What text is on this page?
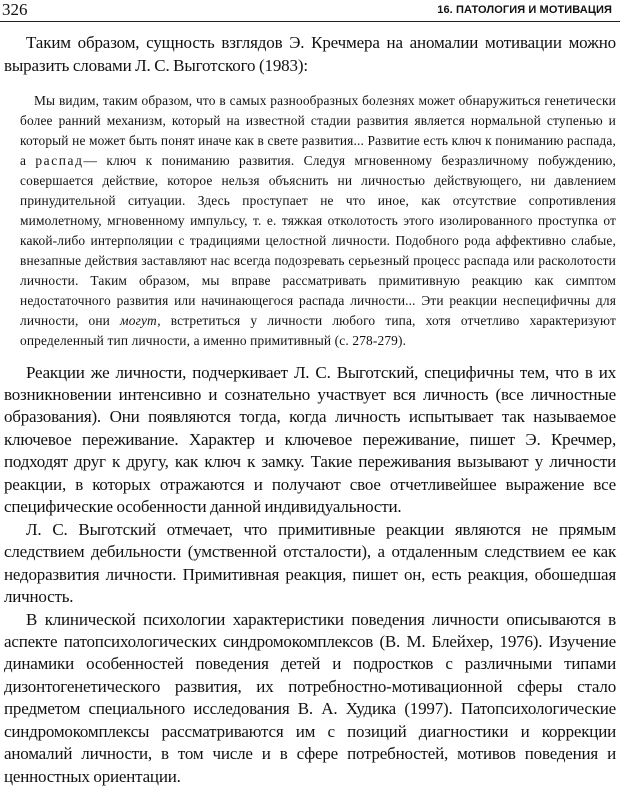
326	16. ПАТОЛОГИЯ И МОТИВАЦИЯ

Таким образом, сущность взглядов Э. Кречмера на аномалии мотивации можно выразить словами Л. С. Выготского (1983):

Мы видим, таким образом, что в самых разнообразных болезнях может обнаружиться генетически более ранний механизм, который на известной стадии развития является нормальной ступенью и который не может быть понят иначе как в свете развития... Развитие есть ключ к пониманию распада, а распад— ключ к пониманию развития. Следуя мгновенному безразличному побуждению, совершается действие, которое нельзя объяснить ни личностью действующего, ни давлением принудительной ситуации. Здесь проступает не что иное, как отсутствие сопротивления мимолетному, мгновенному импульсу, т. е. тяжкая отколотость этого изолированного проступка от какой-либо интерполяции с традициями целостной личности. Подобного рода аффективно слабые, внезапные действия заставляют нас всегда подозревать серьезный процесс распада или расколотости личности. Таким образом, мы вправе рассматривать примитивную реакцию как симптом недостаточного развития или начинающегося распада личности... Эти реакции неспецифичны для личности, они могут, встретиться у личности любого типа, хотя отчетливо характеризуют определенный тип личности, а именно примитивный (с. 278-279).

Реакции же личности, подчеркивает Л. С. Выготский, специфичны тем, что в их возникновении интенсивно и сознательно участвует вся личность (все личностные образования). Они появляются тогда, когда личность испытывает так называемое ключевое переживание. Характер и ключевое переживание, пишет Э. Кречмер, подходят друг к другу, как ключ к замку. Такие переживания вызывают у личности реакции, в которых отражаются и получают свое отчетливейшее выражение все специфические особенности данной индивидуальности.

Л. С. Выготский отмечает, что примитивные реакции являются не прямым следствием дебильности (умственной отсталости), а отдаленным следствием ее как недоразвития личности. Примитивная реакция, пишет он, есть реакция, обошедшая личность.

В клинической психологии характеристики поведения личности описываются в аспекте патопсихологических синдромокомплексов (В. М. Блейхер, 1976). Изучение динамики особенностей поведения детей и подростков с различными типами дизонтогенетического развития, их потребностно-мотивационной сферы стало предметом специального исследования В. А. Худика (1997). Патопсихологические синдромокомплексы рассматриваются им с позиций диагностики и коррекции аномалий личности, в том числе и в сфере потребностей, мотивов поведения и ценностных ориентации.
